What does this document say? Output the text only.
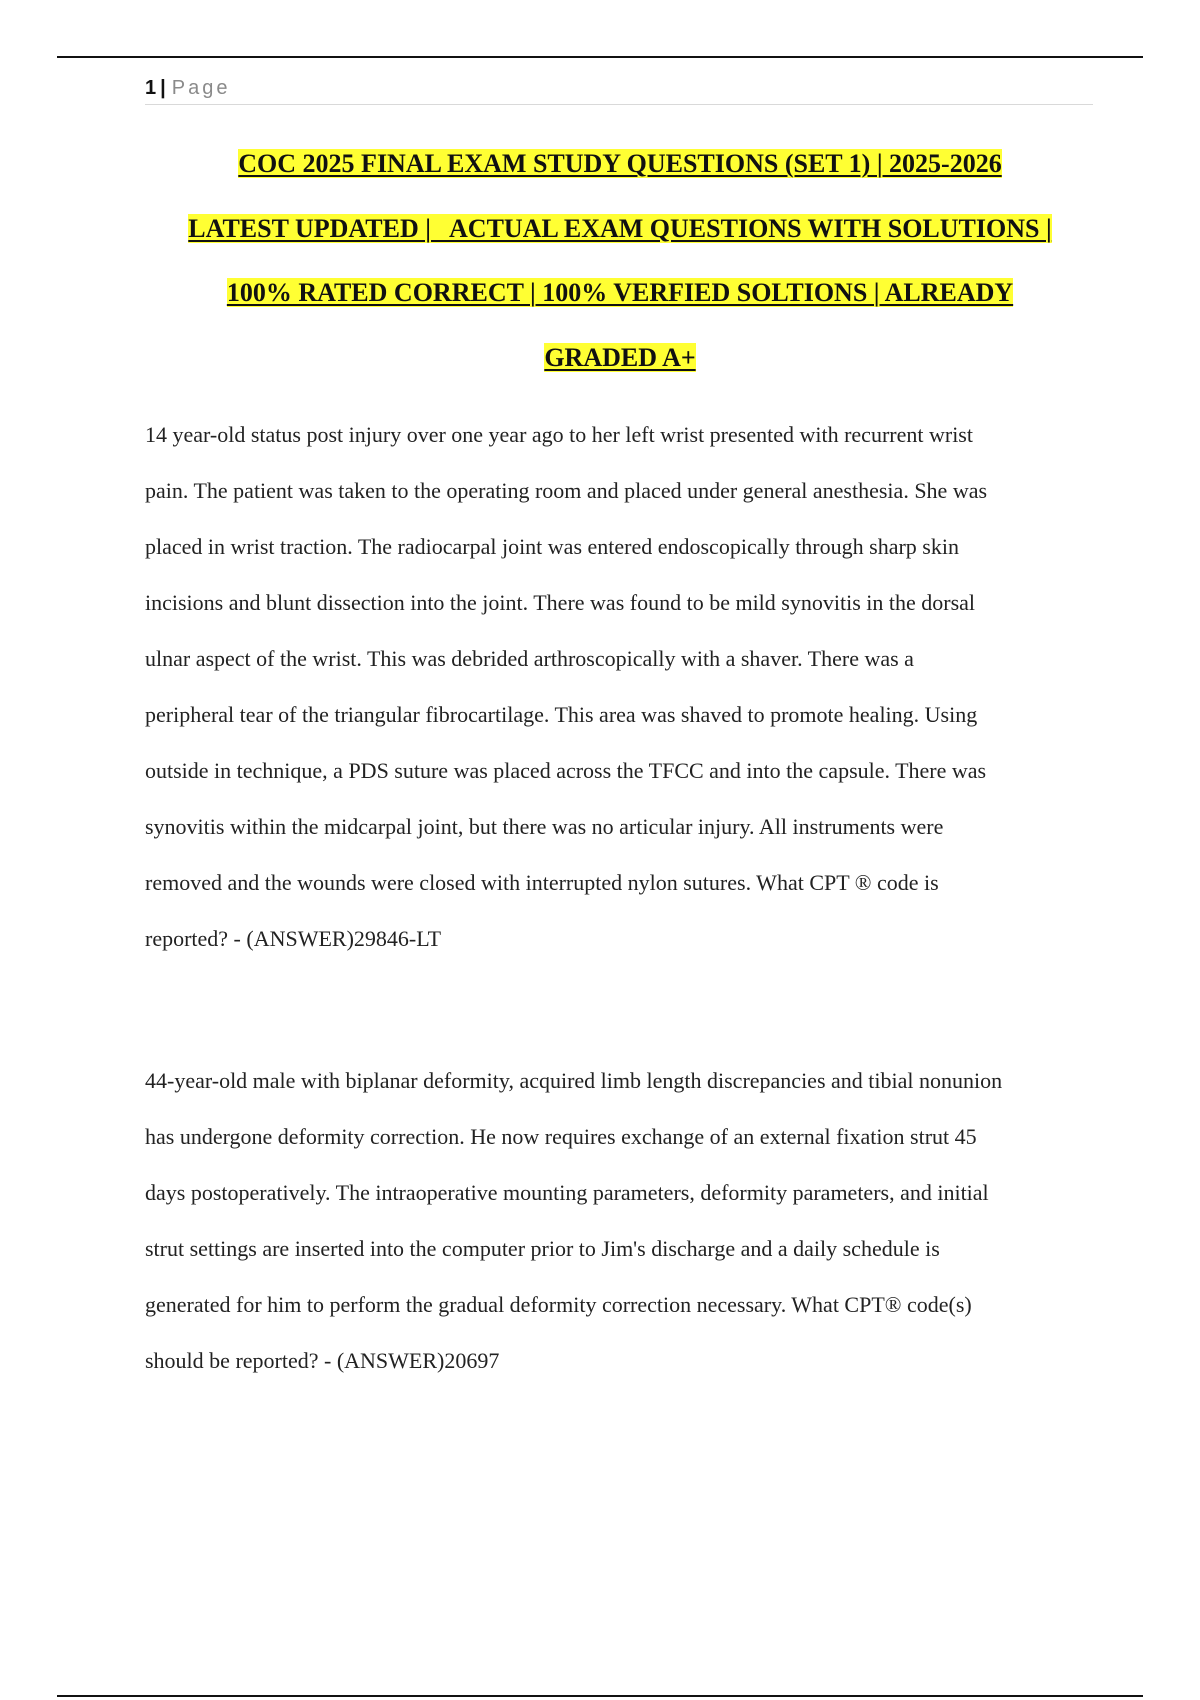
1 | Page
COC 2025 FINAL EXAM STUDY QUESTIONS (SET 1) | 2025-2026
LATEST UPDATED |   ACTUAL EXAM QUESTIONS WITH SOLUTIONS |
100% RATED CORRECT | 100% VERFIED SOLTIONS | ALREADY
GRADED A+
14 year-old status post injury over one year ago to her left wrist presented with recurrent wrist
pain. The patient was taken to the operating room and placed under general anesthesia. She was
placed in wrist traction. The radiocarpal joint was entered endoscopically through sharp skin
incisions and blunt dissection into the joint. There was found to be mild synovitis in the dorsal
ulnar aspect of the wrist. This was debrided arthroscopically with a shaver. There was a
peripheral tear of the triangular fibrocartilage. This area was shaved to promote healing. Using
outside in technique, a PDS suture was placed across the TFCC and into the capsule. There was
synovitis within the midcarpal joint, but there was no articular injury. All instruments were
removed and the wounds were closed with interrupted nylon sutures. What CPT ® code is
reported? - (ANSWER)29846-LT
44-year-old male with biplanar deformity, acquired limb length discrepancies and tibial nonunion
has undergone deformity correction. He now requires exchange of an external fixation strut 45
days postoperatively. The intraoperative mounting parameters, deformity parameters, and initial
strut settings are inserted into the computer prior to Jim's discharge and a daily schedule is
generated for him to perform the gradual deformity correction necessary. What CPT® code(s)
should be reported? - (ANSWER)20697
